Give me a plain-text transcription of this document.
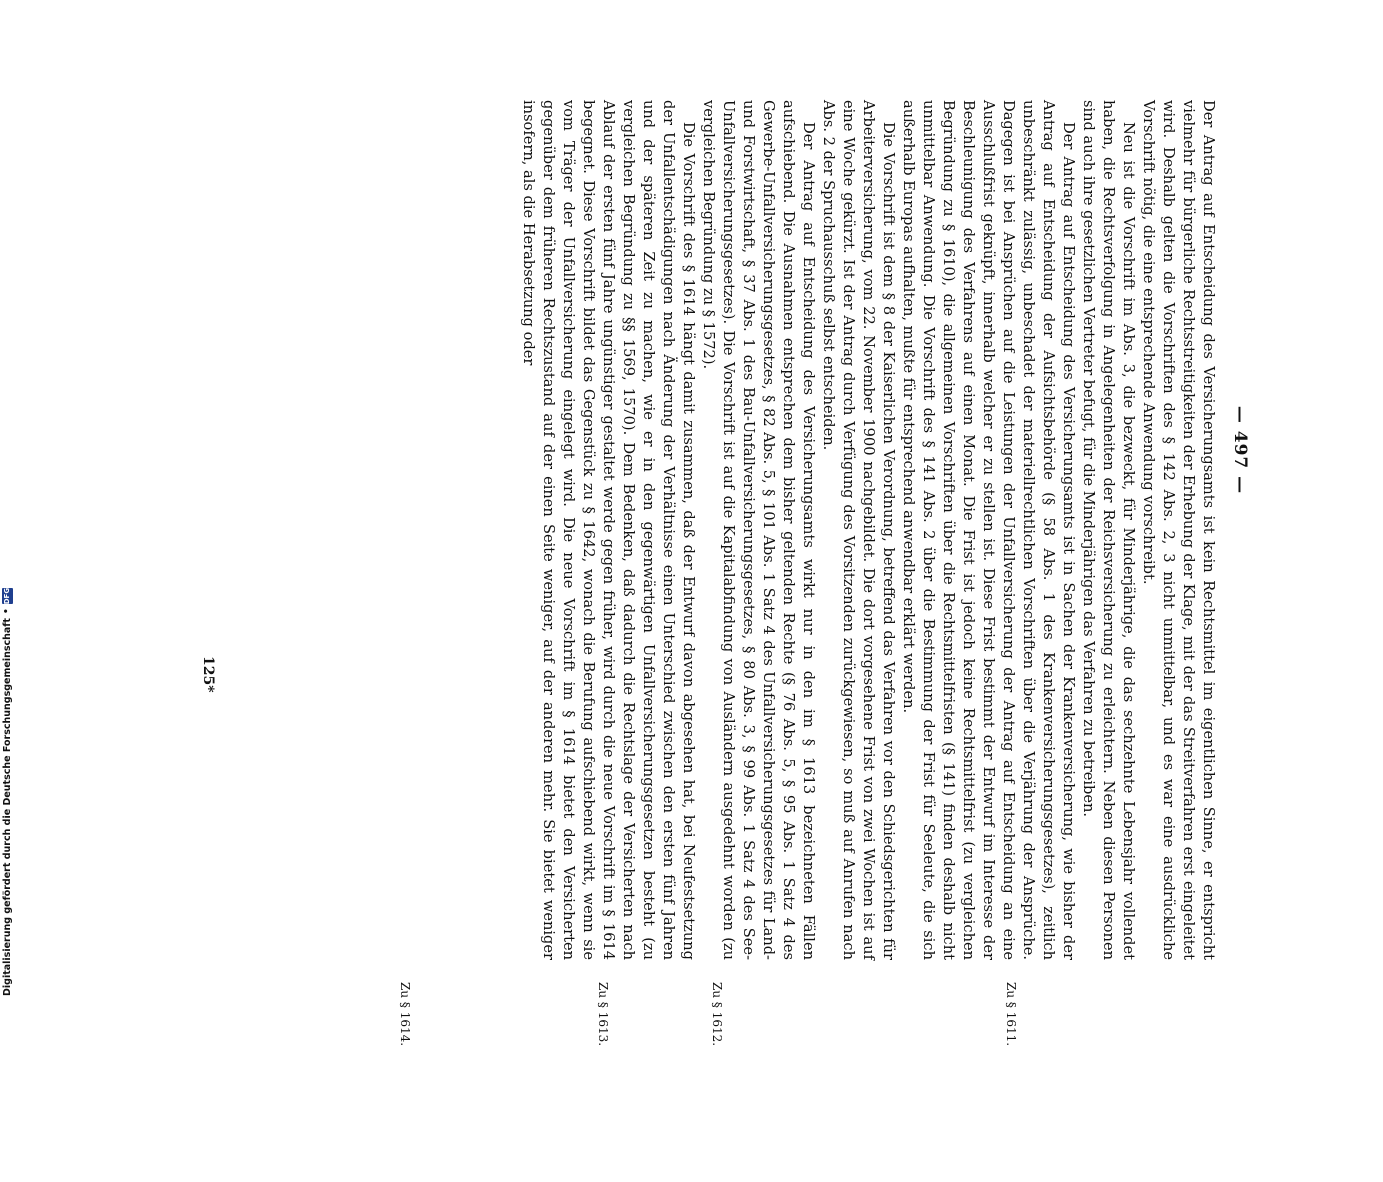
— 497 —

Der Antrag auf Entscheidung des Versicherungsamts ist kein Rechtsmittel im eigentlichen Sinne, er entspricht vielmehr für bürgerliche Rechtsstreitigkeiten der Erhebung der Klage, mit der das Streitverfahren erst eingeleitet wird. Deshalb gelten die Vorschriften des § 142 Abs. 2, 3 nicht unmittelbar, und es war eine ausdrückliche Vorschrift nötig, die eine entsprechende Anwendung vorschreibt.

Neu ist die Vorschrift im Abs. 3, die bezweckt, für Minderjährige, die das sechzehnte Lebensjahr vollendet haben, die Rechtsverfolgung in Angelegenheiten der Reichsversicherung zu erleichtern. Neben diesen Personen sind auch ihre gesetzlichen Vertreter befugt, für die Minderjährigen das Verfahren zu betreiben.

Der Antrag auf Entscheidung des Versicherungsamts ist in Sachen der Krankenversicherung, wie bisher der Antrag auf Entscheidung der Aufsichtsbehörde (§ 58 Abs. 1 des Krankenversicherungsgesetzes), zeitlich unbeschränkt zulässig, unbeschadet der materiellrechtlichen Vorschriften über die Verjährung der Ansprüche. Dagegen ist bei Ansprüchen auf die Leistungen der Unfallversicherung der Antrag auf Entscheidung an eine Ausschlußfrist geknüpft, innerhalb welcher er zu stellen ist. Diese Frist bestimmt der Entwurf im Interesse der Beschleunigung des Verfahrens auf einen Monat. Die Frist ist jedoch keine Rechtsmittelfrist (zu vergleichen Begründung zu § 1610), die allgemeinen Vorschriften über die Rechtsmittelfristen (§ 141) finden deshalb nicht unmittelbar Anwendung. Die Vorschrift des § 141 Abs. 2 über die Bestimmung der Frist für Seeleute, die sich außerhalb Europas aufhalten, mußte für entsprechend anwendbar erklärt werden.

Die Vorschrift ist dem § 8 der Kaiserlichen Verordnung, betreffend das Verfahren vor den Schiedsgerichten für Arbeiterversicherung, vom 22. November 1900 nachgebildet. Die dort vorgesehene Frist von zwei Wochen ist auf eine Woche gekürzt. Ist der Antrag durch Verfügung des Vorsitzenden zurückgewiesen, so muß auf Anrufen nach Abs. 2 der Spruchausschuß selbst entscheiden.

Der Antrag auf Entscheidung des Versicherungsamts wirkt nur in den im § 1613 bezeichneten Fällen aufschiebend. Die Ausnahmen entsprechen dem bisher geltenden Rechte (§ 76 Abs. 5, § 95 Abs. 1 Satz 4 des Gewerbe-Unfallversicherungsgesetzes, § 82 Abs. 5, § 101 Abs. 1 Satz 4 des Unfallversicherungsgesetzes für Land- und Forstwirtschaft, § 37 Abs. 1 des Bau-Unfallversicherungsgesetzes, § 80 Abs. 3, § 99 Abs. 1 Satz 4 des See-Unfallversicherungsgesetzes). Die Vorschrift ist auf die Kapitalabfindung von Ausländern ausgedehnt worden (zu vergleichen Begründung zu § 1572).

Die Vorschrift des § 1614 hängt damit zusammen, daß der Entwurf davon abgesehen hat, bei Neufestsetzung der Unfallentschädigungen nach Änderung der Verhältnisse einen Unterschied zwischen den ersten fünf Jahren und der späteren Zeit zu machen, wie er in den gegenwärtigen Unfallversicherungsgesetzen besteht (zu vergleichen Begründung zu §§ 1569, 1570). Dem Bedenken, daß dadurch die Rechtslage der Versicherten nach Ablauf der ersten fünf Jahre ungünstiger gestaltet werde gegen früher, wird durch die neue Vorschrift im § 1614 begegnet. Diese Vorschrift bildet das Gegenstück zu § 1642, wonach die Berufung aufschiebend wirkt, wenn sie vom Träger der Unfallversicherung eingelegt wird. Die neue Vorschrift im § 1614 bietet den Versicherten gegenüber dem früheren Rechtszustand auf der einen Seite weniger, auf der anderen mehr. Sie bietet weniger insofern, als die Herabsetzung oder

Zu § 1611.
Zu § 1612.
Zu § 1613.
Zu § 1614.
125*
Digitalisierung gefördert durch die Deutsche Forschungsgemeinschaft
•
DFG
